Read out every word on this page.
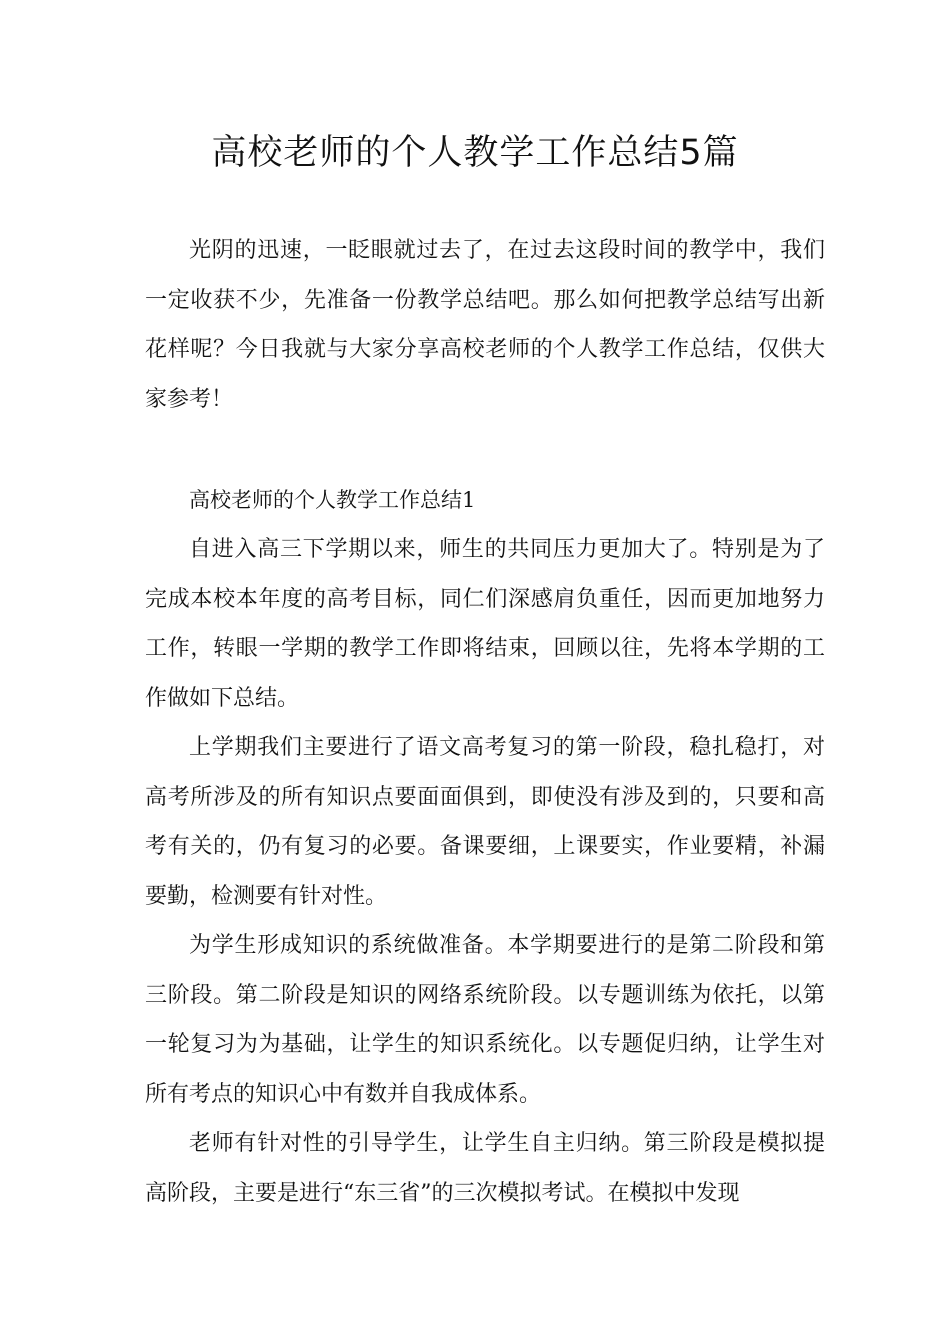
高校老师的个人教学工作总结5篇

光阴的迅速，一眨眼就过去了，在过去这段时间的教学中，我们一定收获不少，先准备一份教学总结吧。那么如何把教学总结写出新花样呢？今日我就与大家分享高校老师的个人教学工作总结，仅供大家参考！

高校老师的个人教学工作总结1

自进入高三下学期以来，师生的共同压力更加大了。特别是为了完成本校本年度的高考目标，同仁们深感肩负重任，因而更加地努力工作，转眼一学期的教学工作即将结束，回顾以往，先将本学期的工作做如下总结。

上学期我们主要进行了语文高考复习的第一阶段，稳扎稳打，对高考所涉及的所有知识点要面面俱到，即使没有涉及到的，只要和高考有关的，仍有复习的必要。备课要细，上课要实，作业要精，补漏要勤，检测要有针对性。

为学生形成知识的系统做准备。本学期要进行的是第二阶段和第三阶段。第二阶段是知识的网络系统阶段。以专题训练为依托，以第一轮复习为为基础，让学生的知识系统化。以专题促归纳，让学生对所有考点的知识心中有数并自我成体系。

老师有针对性的引导学生，让学生自主归纳。第三阶段是模拟提高阶段，主要是进行“东三省”的三次模拟考试。在模拟中发现
